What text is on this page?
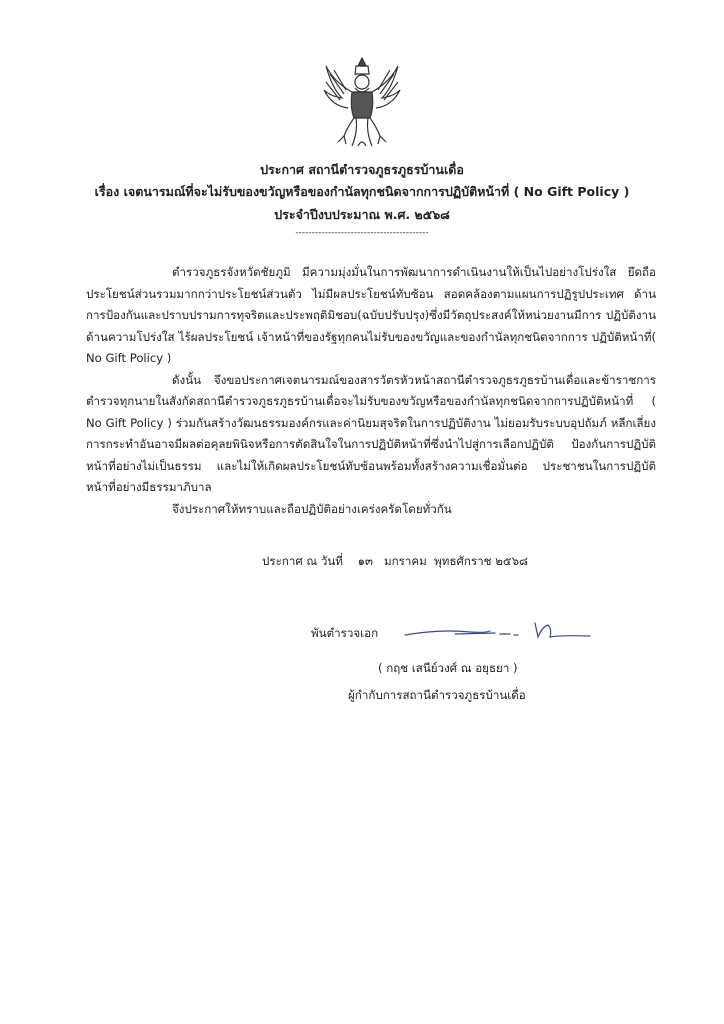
ประกาศ สถานีตำรวจภูธรภูธรบ้านเดื่อ
เรื่อง เจตนารมณ์ที่จะไม่รับของขวัญหรือของกำนัลทุกชนิดจากการปฏิบัติหน้าที่ ( No Gift Policy )
ประจำปีงบประมาณ พ.ศ. ๒๕๖๘
-----------------------------------------

ตำรวจภูธรจังหวัดชัยภูมิ มีความมุ่งมั่นในการพัฒนาการดำเนินงานให้เป็นไปอย่างโปร่งใส ยึดถือประโยชน์ส่วนรวมมากกว่าประโยชน์ส่วนตัว ไม่มีผลประโยชน์ทับซ้อน สอดคล้องตามแผนการปฏิรูปประเทศ ด้านการป้องกันและปราบปรามการทุจริตและประพฤติมิชอบ(ฉบับปรับปรุง)ซึ่งมีวัตถุประสงค์ให้หน่วยงานมีการ ปฏิบัติงานด้านความโปร่งใส ไร้ผลประโยชน์ เจ้าหน้าที่ของรัฐทุกคนไม่รับของขวัญและของกำนัลทุกชนิดจากการ ปฏิบัติหน้าที่( No Gift Policy )

ดังนั้น จึงขอประกาศเจตนารมณ์ของสารวัตรหัวหน้าสถานีตำรวจภูธรภูธรบ้านเดื่อและข้าราชการ ตำรวจทุกนายในสังกัดสถานีตำรวจภูธรภูธรบ้านเดื่อจะไม่รับของขวัญหรือของกำนัลทุกชนิดจากการปฏิบัติหน้าที่ ( No Gift Policy ) ร่วมกันสร้างวัฒนธรรมองค์กรและค่านิยมสุจริตในการปฏิบัติงาน ไม่ยอมรับระบบอุปถัมภ์ หลีกเลี่ยงการกระทำอันอาจมีผลต่อคุลยพินิจหรือการตัดสินใจในการปฏิบัติหน้าที่ซึ่งนำไปสู่การเลือกปฏิบัติ ป้องกันการปฏิบัติหน้าที่อย่างไม่เป็นธรรม และไม่ให้เกิดผลประโยชน์ทับซ้อนพร้อมทั้งสร้างความเชื่อมั่นต่อ ประชาชนในการปฏิบัติหน้าที่อย่างมีธรรมาภิบาล

จึงประกาศให้ทราบและถือปฏิบัติอย่างเคร่งครัดโดยทั่วกัน

ประกาศ ณ วันที่    ๑๓   มกราคม  พุทธศักราช ๒๕๖๘
พันตำรวจเอก
( กฤช เสนีย์วงศ์ ณ อยุธยา )
ผู้กำกับการสถานีตำรวจภูธรบ้านเดื่อ
